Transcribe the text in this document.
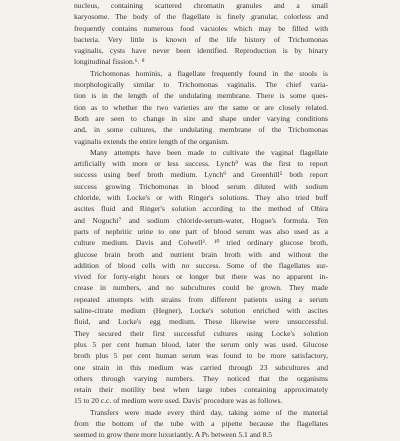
nucleus, containing scattered chromatin granules and a small
karyosome. The body of the flagellate is finely granular, colorless and
frequently contains numerous food vacuoles which may be filled with
bacteria. Very little is known of the life history of Trichomonas
vaginalis, cysts have never been identified. Reproduction is by binary
longitudinal fission.⁶˒ ⁸
Trichomonas hominis, a flagellate frequently found in the stools is
morphologically similar to Trichomonas vaginalis. The chief varia-
tion is in the length of the undulating membrane. There is some ques-
tion as to whether the two varieties are the same or are closely related.
Both are seen to change in size and shape under varying conditions
and, in some cultures, the undulating membrane of the Trichomonas
vaginalis extends the entire length of the organism.
Many attempts have been made to cultivate the vaginal flagellate
artificially with more or less success. Lynch⁹ was the first to report
success using beef broth medium. Lynch⁹ and Greenhill⁵ both report
success growing Trichomonas in blood serum diluted with sodium
chloride, with Locke's or with Ringer's solutions. They also tried buff
ascites fluid and Ringer's solution according to the method of Ohira
and Noguchi⁷ and sodium chloride-serum-water, Hogue's formula. Ten
parts of nephritic urine to one part of blood serum was also used as a
culture medium. Davis and Colwell³˒ ¹⁰ tried ordinary glucose broth,
glucose brain broth and nutrient brain broth with and without the
addition of blood cells with no success. Some of the flagellates sur-
vived for forty-eight hours or longer but there was no apparent in-
crease in numbers, and no subcultures could be grown. They made
repeated attempts with strains from different patients using a serum
saline-citrate medium (Hegner), Locke's solution enriched with ascites
fluid, and Locke's egg medium. These likewise were unsuccessful.
They secured their first successful cultures using Locke's solution
plus 5 per cent human blood, later the serum only was used. Glucose
broth plus 5 per cent human serum was found to be more satisfactory,
one strain in this medium was carried through 23 subcultures and
others through varying numbers. They noticed that the organisms
retain their motility best when large tubes containing approximately
15 to 20 c.c. of medium were used. Davis' procedure was as follows.
Transfers were made every third day, taking some of the material
from the bottom of the tube with a pipette because the flagellates
seemed to grow there more luxuriantly. A Pₕ between 5.1 and 8.5
